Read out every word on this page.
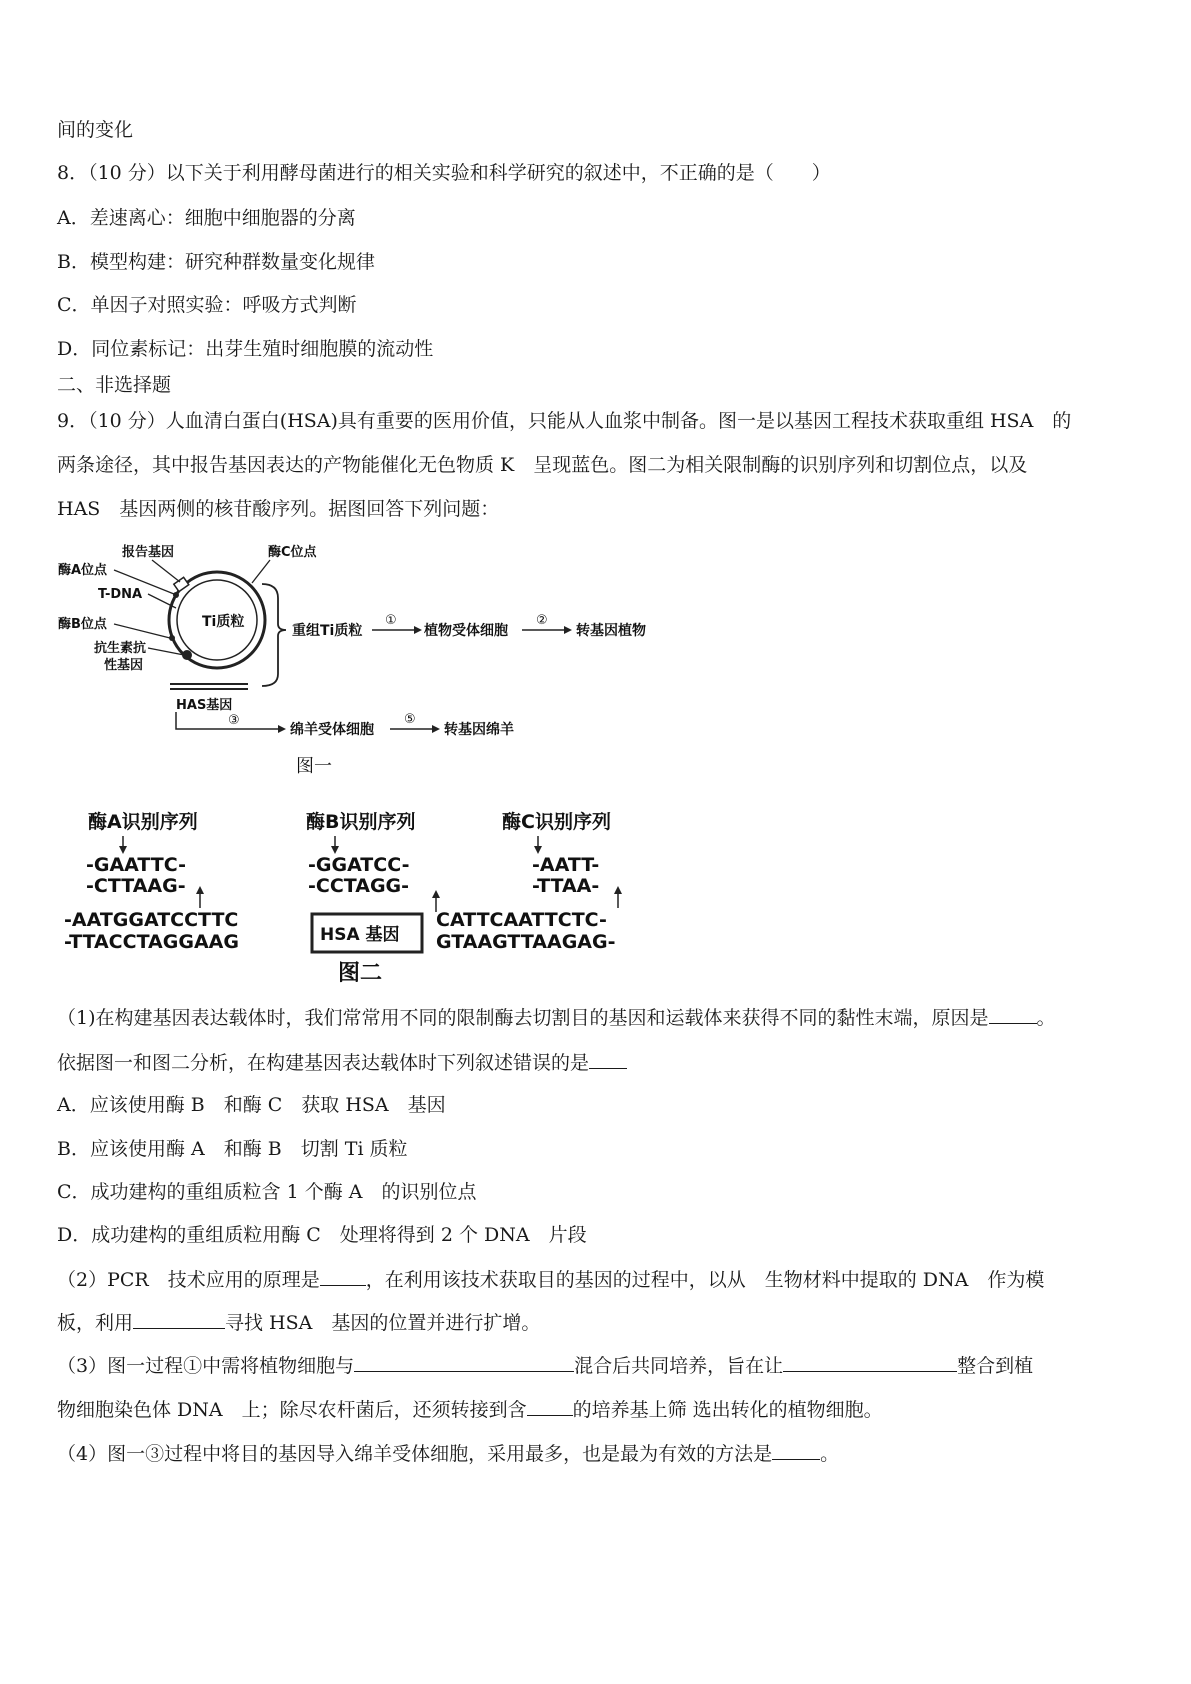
间的变化
8．（10 分）以下关于利用酵母菌进行的相关实验和科学研究的叙述中，不正确的是（　　）
A．差速离心：细胞中细胞器的分离
B．模型构建：研究种群数量变化规律
C．单因子对照实验：呼吸方式判断
D．同位素标记：出芽生殖时细胞膜的流动性
二、非选择题
9．（10 分）人血清白蛋白(HSA)具有重要的医用价值，只能从人血浆中制备。图一是以基因工程技术获取重组 HSA　的
两条途径，其中报告基因表达的产物能催化无色物质 K　呈现蓝色。图二为相关限制酶的识别序列和切割位点，以及
HAS　基因两侧的核苷酸序列。据图回答下列问题：
Ti质粒
报告基因
酶A位点
T-DNA
酶B位点
抗生素抗
性基因
酶C位点
HAS基因
重组Ti质粒
①
植物受体细胞
②
转基因植物
③
绵羊受体细胞
⑤
转基因绵羊
图一
酶A识别序列
-GAATTC-
-CTTAAG-
酶B识别序列
-GGATCC-
-CCTAGG-
酶C识别序列
-AATT-
-TTAA-
-AATGGATCCTTC
-TTACCTAGGAAG	HSA 基因
CATTCAATTCTC-
GTAAGTTAAGAG-
图二
（1)在构建基因表达载体时，我们常常用不同的限制酶去切割目的基因和运载体来获得不同的黏性末端，原因是	。
依据图一和图二分析，在构建基因表达载体时下列叙述错误的是
A．应该使用酶 B　和酶 C　获取 HSA　基因
B．应该使用酶 A　和酶 B　切割 Ti 质粒
C．成功建构的重组质粒含 1 个酶 A　的识别位点
D．成功建构的重组质粒用酶 C　处理将得到 2 个 DNA　片段
（2）PCR　技术应用的原理是 ，在利用该技术获取目的基因的过程中，以从　生物材料中提取的 DNA　作为模
板，利用	寻找 HSA　基因的位置并进行扩增。
（3）图一过程①中需将植物细胞与	混合后共同培养，旨在让	整合到植
物细胞染色体 DNA　上；除尽农杆菌后，还须转接到含 的培养基上筛 选出转化的植物细胞。
（4）图一③过程中将目的基因导入绵羊受体细胞，采用最多，也是最为有效的方法是	。
